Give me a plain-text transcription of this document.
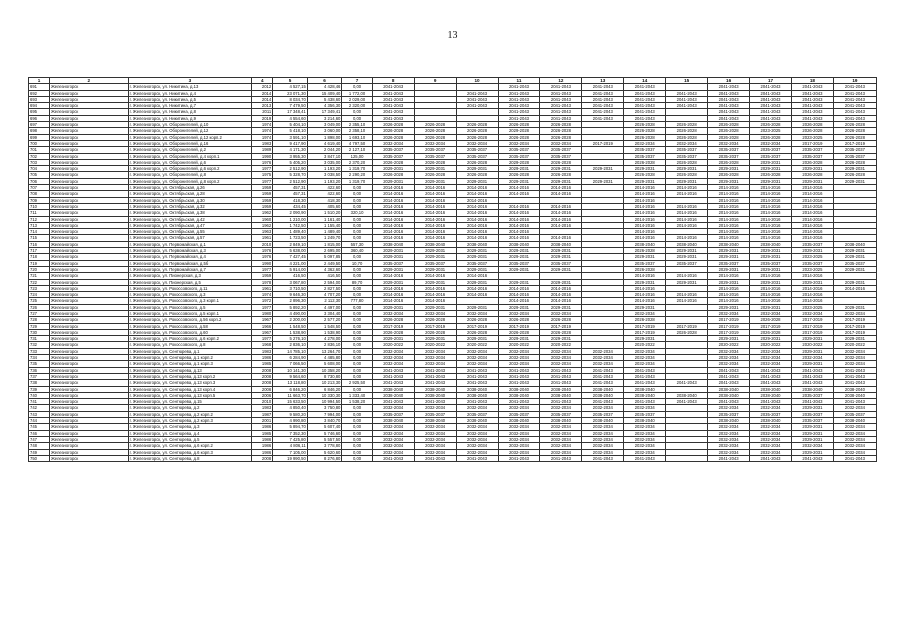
13
1	2	3	4	5	6	7	8	9	10	11	12	13	14	15	16	17	18	19
691	Железногорск	г. Железногорск, ул. Никитина, д.13	2012	4 527,15	4 428,46	0,00	2041-2043			2041-2043	2041-2043	2041-2043	2041-2043		2041-2043	2041-2043	2041-2043	2041-2043
692	Железногорск	г. Железногорск, ул. Никитина, д.4	2014	23 071,30	15 409,40	1 772,00	2041-2043		2041-2043	2041-2043	2041-2043	2041-2043	2041-2043	2041-2043	2041-2043	2041-2043	2041-2043	2041-2043
693	Железногорск	г. Железногорск, ул. Никитина, д.5	2014	8 034,70	5 438,60	2 029,00	2041-2043		2041-2043	2041-2043	2041-2043	2041-2043	2041-2043	2041-2043	2041-2043	2041-2043	2041-2043	2041-2043
694	Железногорск	г. Железногорск, ул. Никитина, д.7	2013	7 479,50	4 356,30	2 320,00	2041-2043		2041-2043	2041-2043	2041-2043	2041-2043	2041-2043	2041-2043	2041-2043	2041-2043	2041-2043	2041-2043
695	Железногорск	г. Железногорск, ул. Никитина, д.8	2011	17 348,41	17 349,41	0,00	2041-2043			2041-2043	2041-2043	2041-2043	2041-2043		2041-2043	2041-2043	2041-2043	2041-2043
696	Железногорск	г. Железногорск, ул. Никитина, д.9	2019	4 554,60	3 214,60	0,00	2041-2043			2041-2043	2041-2043	2041-2043	2041-2043		2041-2043	2041-2043	2041-2043	2041-2043
697	Железногорск	г. Железногорск, ул. Оборонителей, д.10	1974	5 404,10	3 049,00	2 355,10	2026-2028	2026-2028	2026-2028	2026-2028	2026-2028		2026-2028	2026-2028	2026-2028	2026-2028	2026-2028	2026-2028
698	Железногорск	г. Железногорск, ул. Оборонителей, д.12	1974	5 418,10	3 060,00	2 358,10	2026-2028	2026-2028	2026-2028	2029-2028	2026-2028		2026-2028	2026-2028	2026-2028	2023-2025	2026-2028	2026-2028
699	Железногорск	г. Железногорск, ул. Оборонителей, д.12 корп.2	1974	3 591,10	1 898,00	1 693,10	2026-2028	2026-2028	2026-2028	2026-2028	2026-2028		2026-2028	2026-2028	2026-2028	2026-2028	2023-2025	2026-2028
700	Железногорск	г. Железногорск, ул. Оборонителей, д.16	1983	9 417,90	4 619,40	4 797,50	2032-2034	2032-2034	2032-2034	2032-2034	2032-2034	2017-2019	2032-2034	2032-2034	2032-2034	2032-2034	2017-2019	2017-2019
701	Железногорск	г. Железногорск, ул. Оборонителей, д.2	1989	4 171,30	2 044,20	2 127,10	2035-2037	2035-2037	2035-2037	2035-2037	2035-2037		2035-2037	2035-2037	2035-2037	2035-2037	2035-2037	2035-2037
702	Железногорск	г. Железногорск, ул. Оборонителей, д.4 корп.1	1990	3 955,30	3 847,10	125,00	2035-2037	2035-2037	2035-2037	2035-2037	2035-2037		2035-2037	2035-2037	2035-2037	2035-2037	2035-2037	2035-2037
703	Железногорск	г. Железногорск, ул. Оборонителей, д.6	1976	5 405,20	3 035,00	2 370,20	2026-2028	2026-2028	2026-2028	2029-2028	2026-2028		2026-2028	2026-2028	2026-2028	2029-2031	2026-2028	2026-2028
704	Железногорск	г. Железногорск, ул. Оборонителей, д.6 корп.2	1977	2 512,90	1 193,20	1 319,70	2029-2031	2029-2031	2029-2031	2029-2031	2029-2031	2029-2031	2029-2031	2029-2031	2029-2031	2029-2031	2029-2031	2029-2031
705	Железногорск	г. Железногорск, ул. Оборонителей, д.8	1975	5 328,70	3 038,50	2 290,20	2026-2028	2026-2028	2026-2028	2026-2028	2026-2028		2026-2028	2026-2028	2026-2028	2026-2028	2026-2028	2026-2028
706	Железногорск	г. Железногорск, ул. Оборонителей, д.8 корп.2	1977	2 512,90	1 193,20	1 319,70	2029-2031	2029-2031	2029-2031	2029-2031	2029-2031	2029-2031	2029-2031	2029-2031	2029-2031	2029-2031	2029-2031	2029-2031
707	Железногорск	г. Железногорск, ул. Октябрьская, д.26	1959	457,31	422,60	0,00	2014-2016	2014-2016	2014-2016	2014-2016	2014-2016		2014-2016	2014-2016	2014-2016	2014-2016	2014-2016	
708	Железногорск	г. Железногорск, ул. Октябрьская, д.28	1959	457,31	422,60	0,00	2014-2016	2014-2016	2014-2016	2014-2016	2014-2016		2014-2016	2014-2016	2014-2016	2014-2016	2014-2016	
709	Железногорск	г. Железногорск, ул. Октябрьская, д.30	1959	418,30	418,30	0,00	2014-2016	2014-2016	2014-2016				2014-2016		2014-2016	2014-2016	2014-2016	
710	Железногорск	г. Железногорск, ул. Октябрьская, д.32	1959	434,45	405,60	0,00	2014-2016	2014-2016	2014-2016	2014-2016	2014-2016		2014-2016	2014-2016	2014-2016	2014-2016	2014-2016	
711	Железногорск	г. Железногорск, ул. Октябрьская, д.38	1962	2 090,90	1 510,20	320,10	2014-2016	2014-2016	2014-2016	2014-2016	2014-2016		2014-2016	2014-2016	2014-2016	2014-2016	2014-2016	
712	Железногорск	г. Железногорск, ул. Октябрьская, д.42	1960	1 210,00	1 161,40	0,00	2014-2016	2014-2016	2014-2016	2014-2016	2014-2016		2014-2016	2014-2016	2014-2016	2014-2016	2014-2016	
713	Железногорск	г. Железногорск, ул. Октябрьская, д.47	1962	1 742,50	1 155,40	0,00	2014-2016	2014-2016	2014-2016	2014-2016	2014-2016		2014-2016	2014-2016	2014-2016	2014-2016	2014-2016	
714	Железногорск	г. Железногорск, ул. Октябрьская, д.55	1963	1 489,40	1 489,40	0,00	2014-2016	2014-2016	2014-2016	2014-2016			2014-2016		2014-2016	2014-2016	2014-2016	
715	Железногорск	г. Железногорск, ул. Октябрьская, д.57	1961	1 723,50	1 249,70	0,00	2014-2016	2014-2016	2014-2016	2014-2016	2014-2016		2014-2016	2014-2016	2014-2016	2014-2016	2014-2016	
716	Железногорск	г. Железногорск, ул. Первомайская, д.1	2010	2 849,10	1 815,00	557,30	2038-2040	2038-2040	2038-2040	2038-2040	2038-2040		2038-2040	2038-2040	2038-2040	2038-2040	2035-2037	2038-2040
717	Железногорск	г. Железногорск, ул. Первомайская, д.3	1976	5 638,00	2 695,00	360,40	2029-2031	2029-2031	2029-2031	2029-2031	2029-2031		2026-2028	2029-2031	2029-2031	2029-2031	2029-2031	2029-2031
718	Железногорск	г. Железногорск, ул. Первомайская, д.4	1976	7 427,45	5 097,85	0,00	2029-2031	2029-2031	2029-2031	2029-2031	2029-2031		2029-2031	2029-2031	2029-2031	2029-2031	2023-2025	2029-2031
719	Железногорск	г. Железногорск, ул. Первомайская, д.5б	1990	4 221,00	2 449,50	10,70	2035-2037	2035-2037	2035-2037	2035-2037	2035-2037		2035-2037	2035-2037	2035-2037	2035-2037	2035-2037	2035-2037
720	Железногорск	г. Железногорск, ул. Первомайская, д.7	1977	5 914,00	4 362,60	0,00	2029-2031	2029-2031	2029-2031	2029-2031	2029-2031		2026-2028		2029-2031	2029-2031	2023-2025	2029-2031
721	Железногорск	г. Железногорск, ул. Пионерская, д.3	1959	416,50	416,50	0,00	2014-2016	2014-2016	2014-2016				2014-2016	2014-2016	2014-2016	2014-2016	2014-2016	
722	Железногорск	г. Железногорск, ул. Пионерская, д.5	1978	3 067,80	2 594,00	89,70	2029-2031	2029-2031	2029-2031	2029-2031	2029-2031		2029-2031	2029-2031	2029-2031	2029-2031	2029-2031	2029-2031
723	Железногорск	г. Железногорск, ул. Рокоссовского, д.11	1961	3 710,50	2 827,50	0,00	2014-2016	2014-2016	2014-2016	2014-2016	2014-2016		2014-2016		2014-2016	2014-2016	2014-2016	2014-2016
724	Железногорск	г. Железногорск, ул. Рокоссовского, д.3	1974	9 646,30	4 707,20	0,00	2014-2016	2014-2016	2014-2016	2014-2016	2014-2016		2014-2016	2014-2016	2014-2016	2014-2016	2014-2016	
725	Железногорск	г. Железногорск, ул. Рокоссовского, д.3 корп.1	1972	2 896,30	2 112,30	777,80	2014-2016	2014-2016		2014-2016	2014-2016		2014-2016	2014-2016	2014-2016	2014-2016	2014-2016	
726	Железногорск	г. Железногорск, ул. Рокоссовского, д.5	1977	5 892,20	4 497,00	0,00	2029-2031	2029-2031	2029-2031	2029-2031	2029-2031		2029-2031		2029-2031	2029-2031	2023-2025	2029-2031
727	Железногорск	г. Железногорск, ул. Рокоссовского, д.5 корп.1	1980	4 490,00	3 304,40	0,00	2032-2034	2032-2034	2032-2034	2032-2034	2032-2034		2032-2034		2032-2034	2032-2034	2032-2034	2032-2034
728	Железногорск	г. Железногорск, ул. Рокоссовского, д.56 корп.2	1967	2 200,00	2 577,20	0,00	2026-2028	2026-2028	2026-2028	2026-2028	2026-2028		2026-2028		2017-2019	2026-2028	2017-2019	2017-2019
729	Железногорск	г. Железногорск, ул. Рокоссовского, д.58	1966	1 548,50	1 548,50	0,00	2017-2019	2017-2019	2017-2019	2017-2019	2017-2019		2017-2019	2017-2019	2017-2019	2017-2019	2017-2019	2017-2019
730	Железногорск	г. Железногорск, ул. Рокоссовского, д.60	1967	1 538,90	1 538,90	0,00	2026-2028	2026-2028	2026-2028	2026-2028	2026-2028		2017-2019	2026-2028	2017-2019	2026-2028	2017-2019	2017-2019
731	Железногорск	г. Железногорск, ул. Рокоссовского, д.6 корп.2	1977	5 276,10	4 278,00	0,00	2029-2031	2029-2031	2029-2031	2029-2031	2029-2031		2029-2031		2029-2031	2029-2031	2029-2031	2029-2031
732	Железногорск	г. Железногорск, ул. Рокоссовского, д.8	1968	2 836,10	2 836,10	0,00	2020-2022	2020-2022	2020-2022	2020-2022	2020-2022		2020-2022		2020-2022	2020-2022	2020-2022	2020-2022
733	Железногорск	г. Железногорск, ул. Сентюрева, д.1	1983	14 785,10	13 264,70	0,00	2032-2034	2032-2034	2032-2034	2032-2034	2032-2034	2032-2034	2032-2034		2032-2034	2032-2034	2029-2031	2032-2034
734	Железногорск	г. Железногорск, ул. Сентюрева, д.1 корп.2	1986	6 284,90	4 485,80	0,00	2032-2034	2032-2034	2032-2034	2032-2034	2032-2034	2032-2034	2032-2034		2032-2034	2032-2034	2032-2034	2032-2034
735	Железногорск	г. Железногорск, ул. Сентюрева, д.1 корп.3	1985	7 066,50	5 608,00	0,00	2032-2034	2032-2034	2032-2034	2032-2034	2032-2034	2032-2034	2032-2034		2032-2034	2032-2034	2029-2031	2032-2034
736	Железногорск	г. Железногорск, ул. Сентюрева, д.13	2008	10 141,30	10 358,20	0,00	2041-2043	2041-2043	2041-2043	2041-2043	2041-2043	2041-2043	2041-2043		2041-2043	2041-2043	2041-2043	2041-2043
737	Железногорск	г. Железногорск, ул. Сентюрева, д.13 корп.2	2008	9 564,60	8 730,80	0,00	2041-2043	2041-2043	2041-2043	2041-2043	2041-2043	2041-2043	2041-2043		2041-2043	2041-2043	2041-2043	2041-2043
738	Железногорск	г. Железногорск, ул. Сентюрева, д.13 корп.3	2008	13 118,80	10 213,30	2 925,50	2041-2043	2041-2043	2041-2043	2041-2043	2041-2043	2041-2043	2041-2043	2041-2043	2041-2043	2041-2043	2041-2043	2041-2043
739	Железногорск	г. Железногорск, ул. Сентюрева, д.13 корп.4	2006	6 846,20	6 846,20	0,00	2038-2040	2038-2040	2038-2040	2038-2040	2038-2040	2038-2040	2038-2040		2038-2040	2038-2040	2038-2040	2038-2040
740	Железногорск	г. Железногорск, ул. Сентюрева, д.13 корп.5	2006	11 663,70	10 330,30	1 333,40	2038-2040	2038-2040	2038-2040	2038-2040	2038-2040	2038-2040	2038-2040	2038-2040	2038-2040	2038-2040	2035-2037	2038-2040
741	Железногорск	г. Железногорск, ул. Сентюрева, д.15	2010	15 633,50	10 994,50	1 538,20	2041-2043	2041-2043	2041-2043	2041-2043	2041-2043	2041-2043	2041-2043	2041-2043	2041-2043	2041-2043	2041-2043	2041-2043
742	Железногорск	г. Железногорск, ул. Сентюрева, д.2	1983	4 850,40	3 750,80	0,00	2032-2034	2032-2034	2032-2034	2032-2034	2032-2034	2032-2034	2032-2034		2032-2034	2032-2034	2029-2031	2032-2034
743	Железногорск	г. Железногорск, ул. Сентюрева, д.2 корп.2	1987	9 580,20	7 994,00	0,00	2035-2037	2035-2037	2035-2037	2035-2037	2035-2037	2035-2037	2035-2037		2035-2037	2035-2037	2035-2037	2035-2037
744	Железногорск	г. Железногорск, ул. Сентюрева, д.2 корп.3	2001	4 990,80	3 840,70	0,00	2038-2040	2038-2040	2038-2040	2038-2040	2038-2040	2038-2040	2038-2040		2038-2040	2038-2040	2035-2037	2038-2040
745	Железногорск	г. Железногорск, ул. Сентюрева, д.3	1986	5 894,70	5 607,40	0,00	2032-2034	2032-2034	2032-2034	2032-2034	2032-2034	2032-2034	2032-2034		2032-2034	2032-2034	2029-2031	2032-2034
746	Железногорск	г. Железногорск, ул. Сентюрева, д.4	1985	7 352,30	5 746,60	0,00	2032-2034	2032-2034	2032-2034	2032-2034	2032-2034	2032-2034	2032-2034		2032-2034	2032-2034	2029-2031	2032-2034
747	Железногорск	г. Железногорск, ул. Сентюрева, д.5	1986	7 425,80	5 557,50	0,00	2032-2034	2032-2034	2032-2034	2032-2034	2032-2034	2032-2034	2032-2034		2032-2034	2032-2034	2029-2031	2032-2034
748	Железногорск	г. Железногорск, ул. Сентюрева, д.6 корп.2	1986	4 806,11	3 778,80	0,00	2032-2034	2032-2034	2032-2034	2032-2034	2032-2034	2032-2034	2032-2034		2032-2034	2032-2034	2032-2034	2032-2034
749	Железногорск	г. Железногорск, ул. Сентюрева, д.6 корп.3	1986	7 105,00	5 620,60	0,00	2032-2034	2032-2034	2032-2034	2032-2034	2032-2034	2032-2034	2032-2034		2032-2034	2032-2034	2029-2031	2032-2034
750	Железногорск	г. Железногорск, ул. Сентюрева, д.8	2008	19 990,50	8 276,80	0,00	2041-2043	2041-2043	2041-2043	2041-2043	2041-2043	2041-2043	2041-2043		2041-2043	2041-2043	2041-2043	2041-2043
